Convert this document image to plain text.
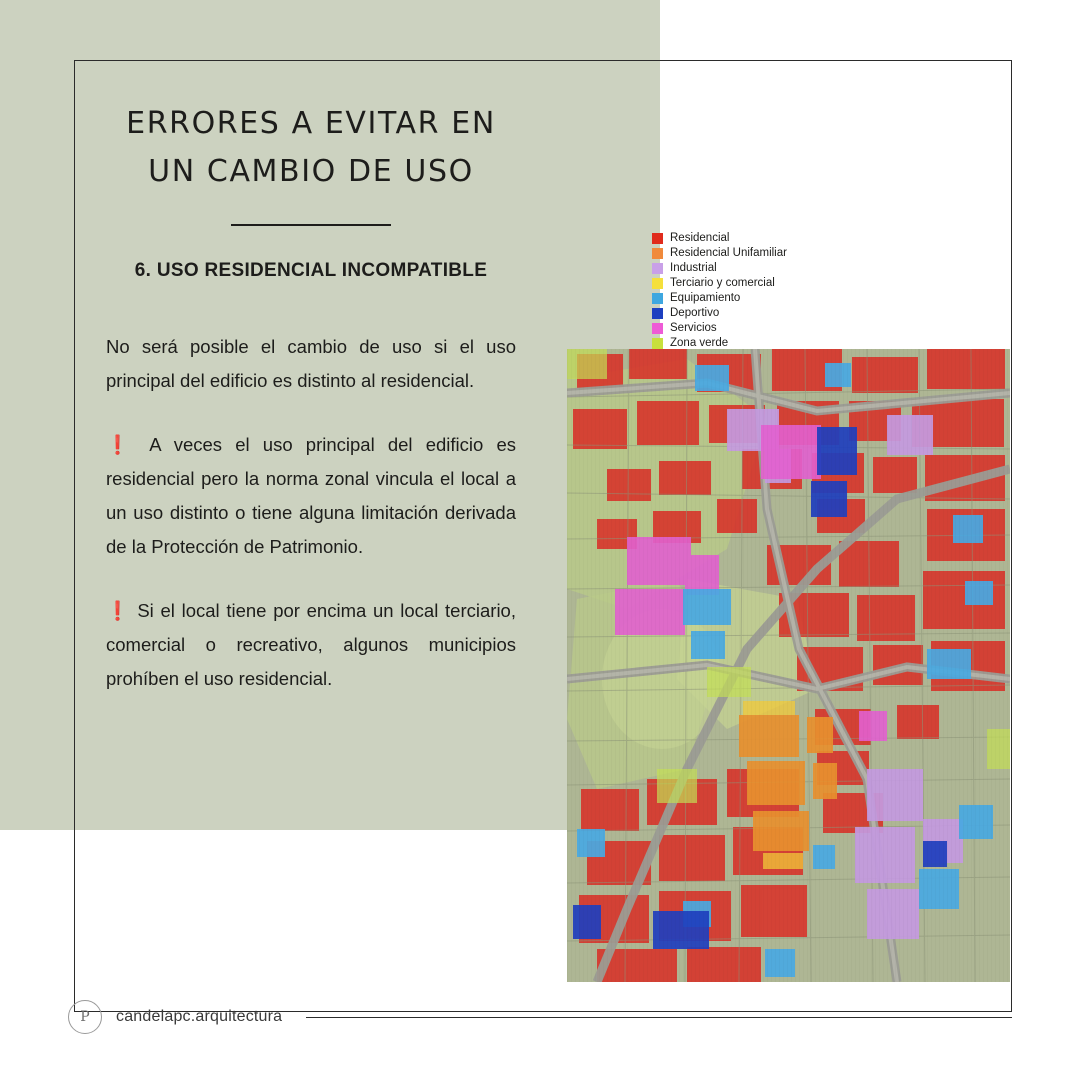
ERRORES A EVITAR EN UN CAMBIO DE USO
6. USO RESIDENCIAL INCOMPATIBLE
No será posible el cambio de uso si el uso principal del edificio es distinto al residencial.
❗ A veces el uso principal del edificio es residencial pero la norma zonal vincula el local a un uso distinto o tiene alguna limitación derivada de la Protección de Patrimonio.
❗ Si el local tiene por encima un local terciario, comercial o recreativo, algunos municipios prohíben el uso residencial.
Residencial
Residencial Unifamiliar
Industrial
Terciario y comercial
Equipamiento
Deportivo
Servicios
Zona verde
P	candelapc.arquitectura
